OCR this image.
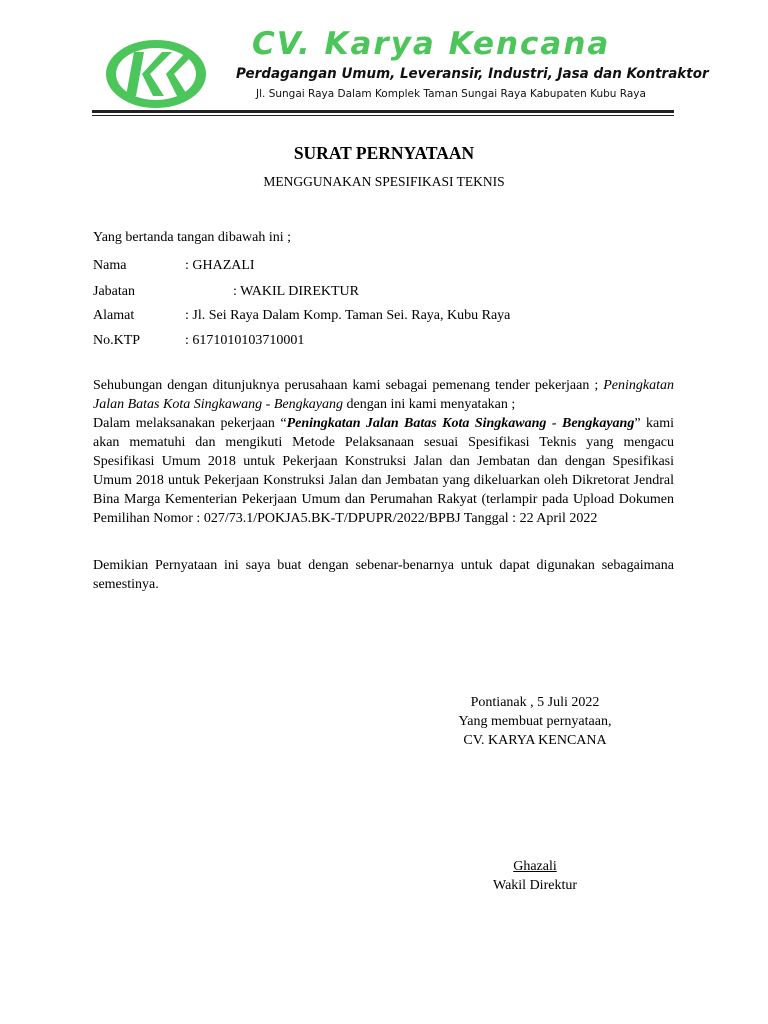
CV. Karya Kencana
Perdagangan Umum, Leveransir, Industri, Jasa dan Kontraktor
Jl. Sungai Raya Dalam Komplek Taman Sungai Raya Kabupaten Kubu Raya
SURAT PERNYATAAN
MENGGUNAKAN SPESIFIKASI TEKNIS
Yang bertanda tangan dibawah ini ;
Nama	: GHAZALI
Jabatan	: WAKIL DIREKTUR
Alamat	: Jl. Sei Raya Dalam Komp. Taman Sei. Raya, Kubu Raya
No.KTP	: 6171010103710001
Sehubungan dengan ditunjuknya perusahaan kami sebagai pemenang tender pekerjaan ; Peningkatan Jalan Batas Kota Singkawang - Bengkayang dengan ini kami menyatakan ;
Dalam melaksanakan pekerjaan “Peningkatan Jalan Batas Kota Singkawang - Bengkayang” kami akan mematuhi dan mengikuti Metode Pelaksanaan sesuai Spesifikasi Teknis yang mengacu Spesifikasi Umum 2018 untuk Pekerjaan Konstruksi Jalan dan Jembatan dan dengan Spesifikasi Umum 2018 untuk Pekerjaan Konstruksi Jalan dan Jembatan yang dikeluarkan oleh Dikretorat Jendral Bina Marga Kementerian Pekerjaan Umum dan Perumahan Rakyat (terlampir pada Upload Dokumen Pemilihan Nomor : 027/73.1/POKJA5.BK-T/DPUPR/2022/BPBJ Tanggal : 22 April 2022
Demikian Pernyataan ini saya buat dengan sebenar-benarnya untuk dapat digunakan sebagaimana semestinya.
Pontianak , 5 Juli 2022
Yang membuat pernyataan,
CV. KARYA KENCANA
Ghazali
Wakil Direktur
